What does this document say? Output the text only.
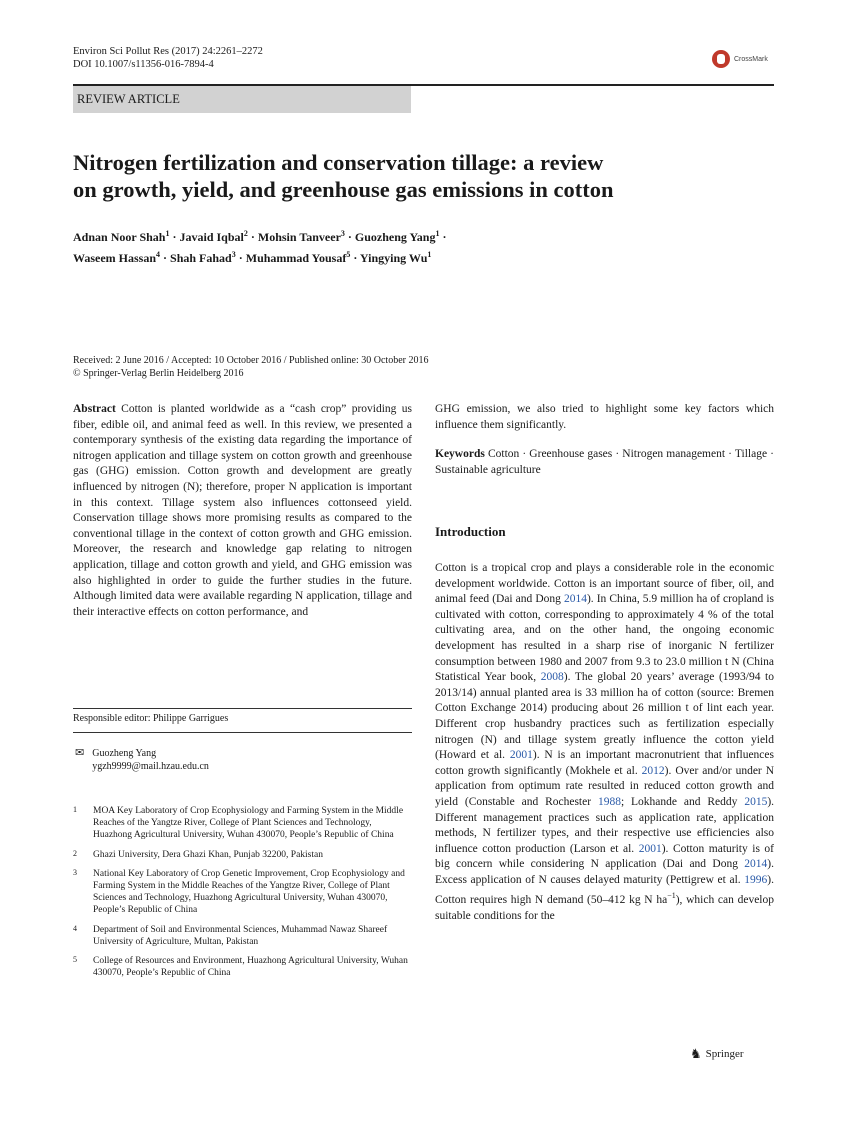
Environ Sci Pollut Res (2017) 24:2261–2272
DOI 10.1007/s11356-016-7894-4	CrossMark
REVIEW ARTICLE
Nitrogen fertilization and conservation tillage: a review
on growth, yield, and greenhouse gas emissions in cotton
Adnan Noor Shah$^1$ · Javaid Iqbal$^2$ · Mohsin Tanveer$^3$ · Guozheng Yang$^1$ ·
Waseem Hassan$^4$ · Shah Fahad$^3$ · Muhammad Yousaf$^5$ · Yingying Wu$^1$
Received: 2 June 2016 / Accepted: 10 October 2016 / Published online: 30 October 2016
© Springer-Verlag Berlin Heidelberg 2016
Abstract Cotton is planted worldwide as a “cash crop” providing us fiber, edible oil, and animal feed as well. In this review, we presented a contemporary synthesis of the existing data regarding the importance of nitrogen application and tillage system on cotton growth and greenhouse gas (GHG) emission. Cotton growth and development are greatly influenced by nitrogen (N); therefore, proper N application is important in this context. Tillage system also influences cottonseed yield. Conservation tillage shows more promising results as compared to the conventional tillage in the context of cotton growth and GHG emission. Moreover, the research and knowledge gap relating to nitrogen application, tillage and cotton growth and yield, and GHG emission was also highlighted in order to guide the further studies in the future. Although limited data were available regarding N application, tillage and their interactive effects on cotton performance, and
GHG emission, we also tried to highlight some key factors which influence them significantly.
Keywords Cotton · Greenhouse gases · Nitrogen management · Tillage · Sustainable agriculture
Introduction
Cotton is a tropical crop and plays a considerable role in the economic development worldwide. Cotton is an important source of fiber, oil, and animal feed (Dai and Dong 2014). In China, 5.9 million ha of cropland is cultivated with cotton, corresponding to approximately 4 % of the total cultivating area, and on the other hand, the ongoing economic development has resulted in a sharp rise of inorganic N fertilizer consumption between 1980 and 2007 from 9.3 to 23.0 million t N (China Statistical Year book, 2008). The global 20 years’ average (1993/94 to 2013/14) annual planted area is 33 million ha of cotton (source: Bremen Cotton Exchange 2014) producing about 26 million t of lint each year. Different crop husbandry practices such as fertilization especially nitrogen (N) and tillage system greatly influence the cotton yield (Howard et al. 2001). N is an important macronutrient that influences cotton growth significantly (Mokhele et al. 2012). Over and/or under N application from optimum rate resulted in reduced cotton growth and yield (Constable and Rochester 1988; Lokhande and Reddy 2015). Different management practices such as application rate, application methods, N fertilizer types, and their respective use efficiencies also influence cotton production (Larson et al. 2001). Cotton maturity is of big concern while considering N application (Dai and Dong 2014). Excess application of N causes delayed maturity (Pettigrew et al. 1996). Cotton requires high N demand (50–412 kg N $ha^{-1}$), which can develop suitable conditions for the
Responsible editor: Philippe Garrigues
✉ Guozheng Yang
ygzh9999@mail.hzau.edu.cn
1	MOA Key Laboratory of Crop Ecophysiology and Farming System in the Middle Reaches of the Yangtze River, College of Plant Sciences and Technology, Huazhong Agricultural University, Wuhan 430070, People’s Republic of China
2	Ghazi University, Dera Ghazi Khan, Punjab 32200, Pakistan
3	National Key Laboratory of Crop Genetic Improvement, Crop Ecophysiology and Farming System in the Middle Reaches of the Yangtze River, College of Plant Sciences and Technology, Huazhong Agricultural University, Wuhan 430070, People’s Republic of China
4	Department of Soil and Environmental Sciences, Muhammad Nawaz Shareef University of Agriculture, Multan, Pakistan
5	College of Resources and Environment, Huazhong Agricultural University, Wuhan 430070, People’s Republic of China
♞ Springer
